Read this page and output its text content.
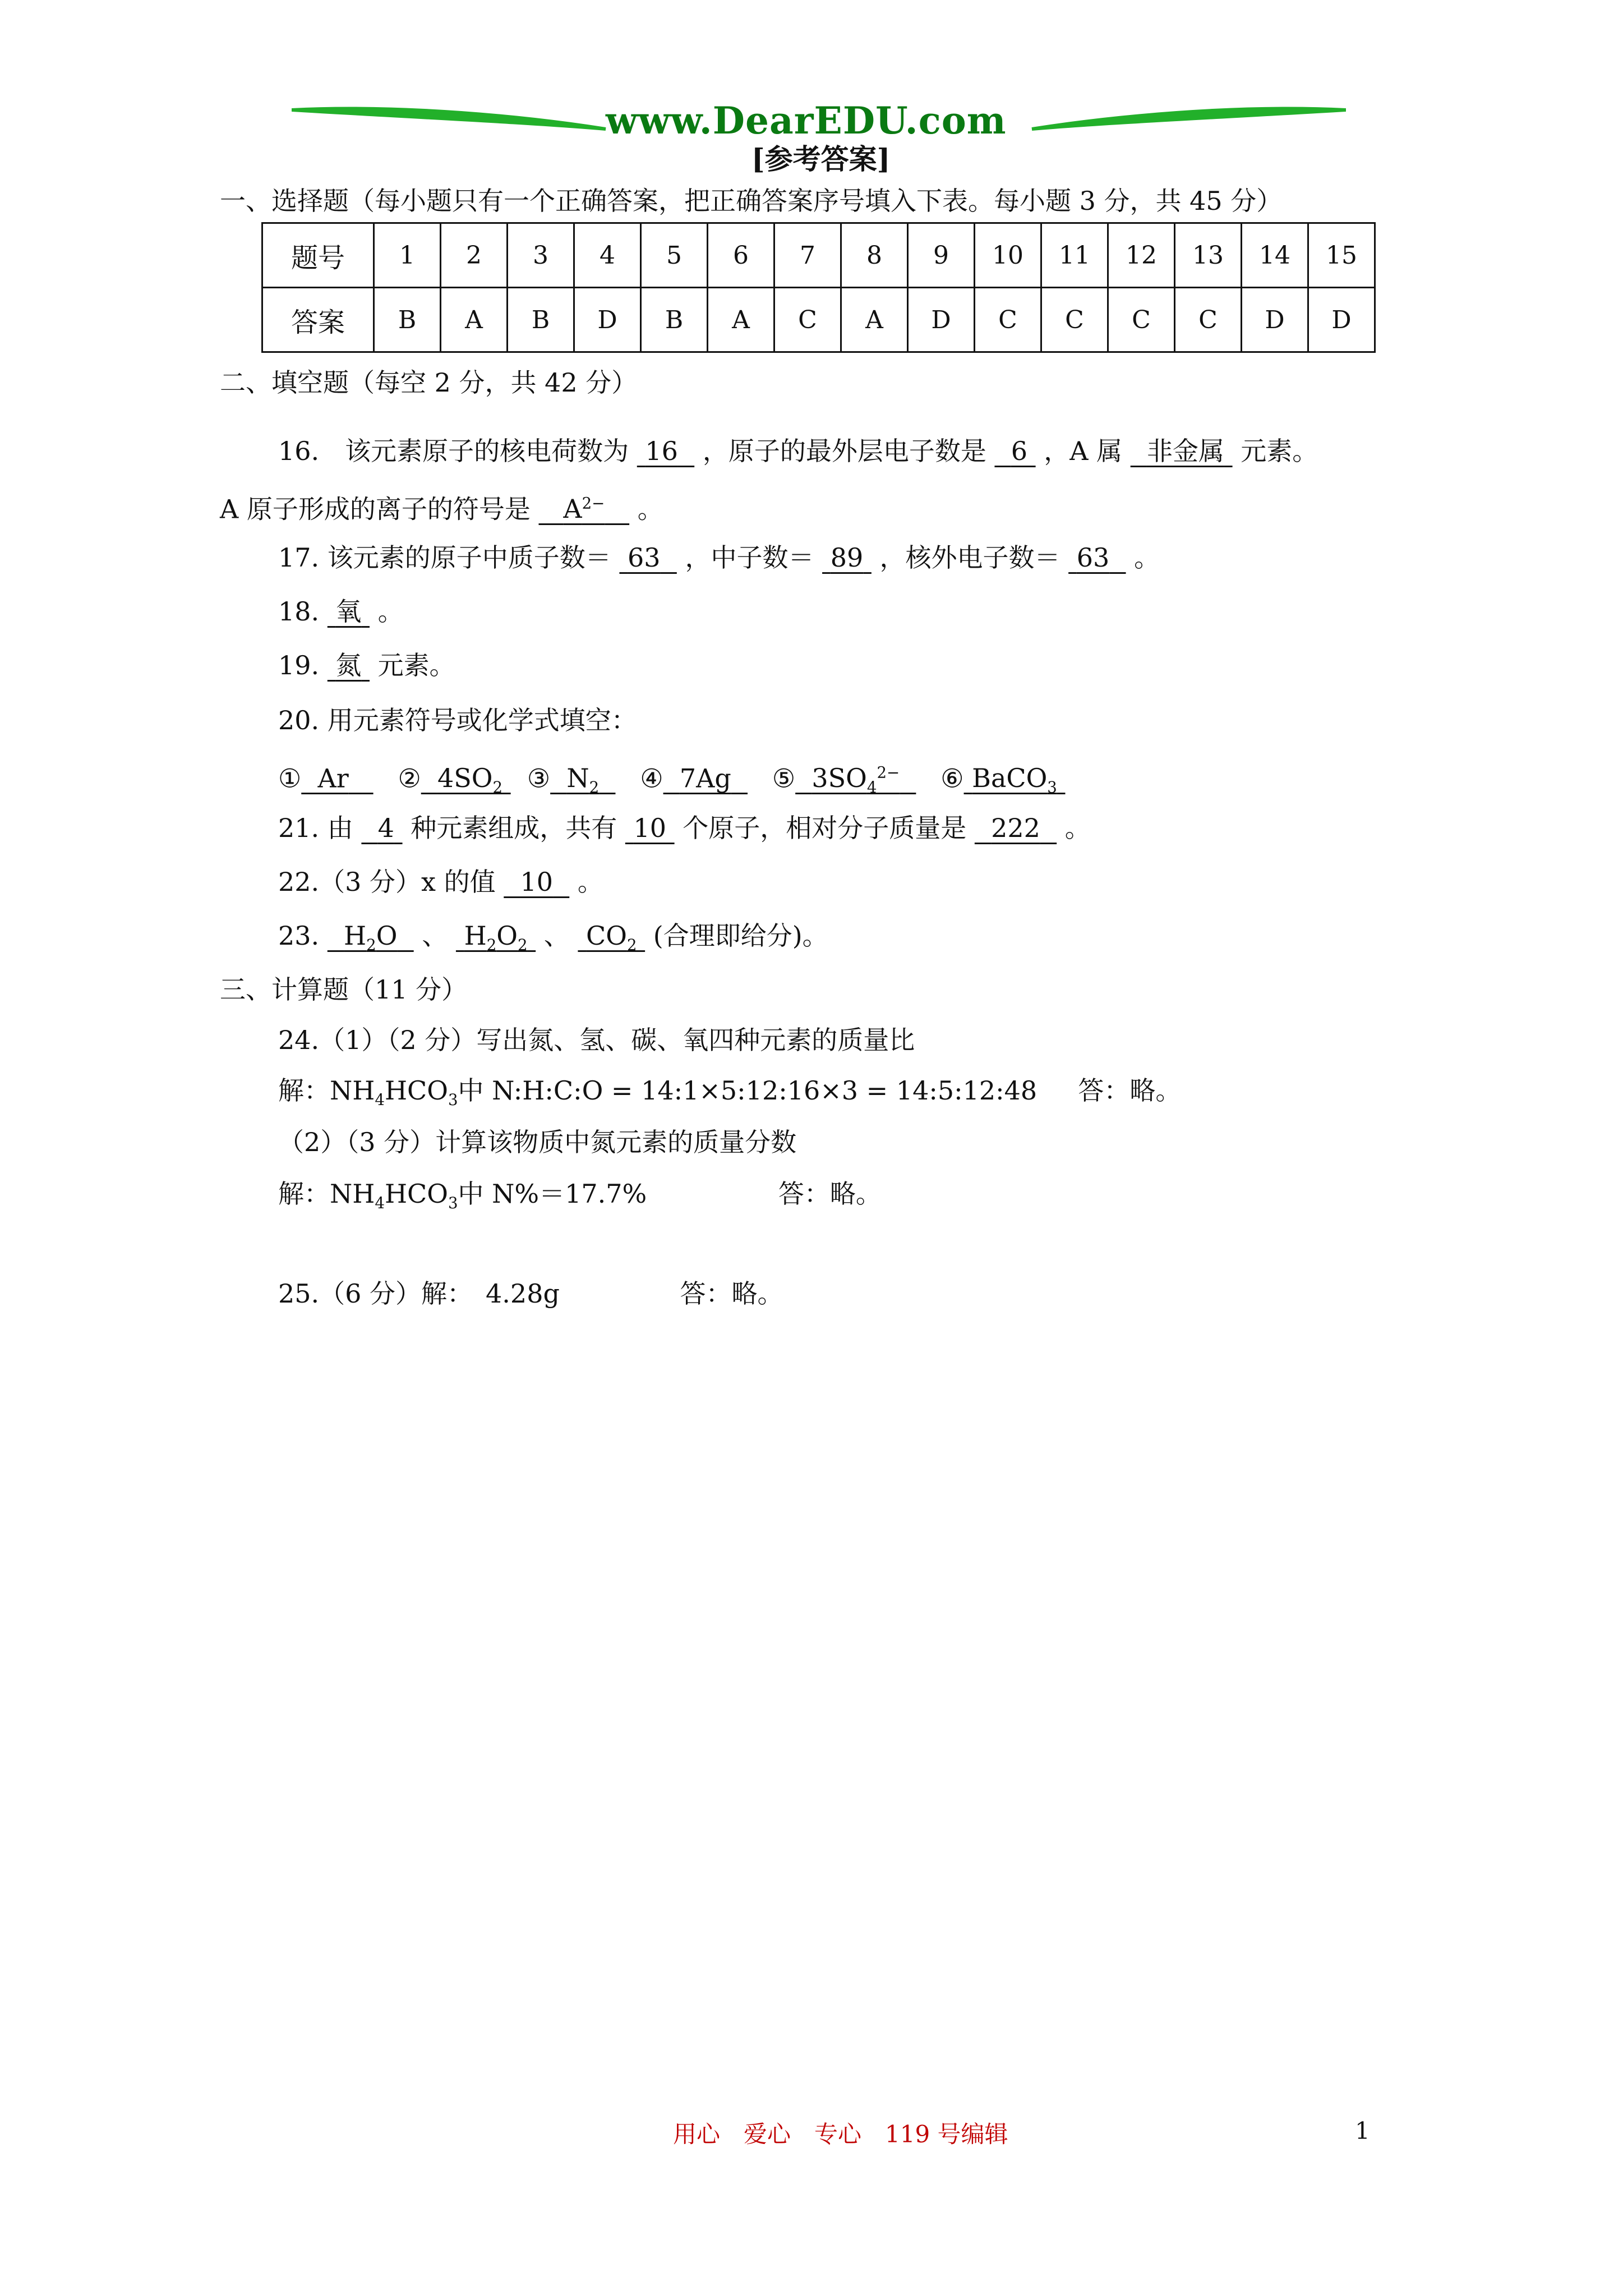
www.DearEDU.com
[参考答案]
一、选择题（每小题只有一个正确答案，把正确答案序号填入下表。每小题 3 分，共 45 分）
题号	1	2	3	4	5	6	7	8	9	10	11	12	13	14	15
答案	B	A	B	D	B	A	C	A	D	C	C	C	C	D	D
二、填空题（每空 2 分，共 42 分）
16.　该元素原子的核电荷数为 16 ，原子的最外层电子数是 6 ，A 属 非金属 元素。
A 原子形成的离子的符号是 $A^{2-}$ 。
17. 该元素的原子中质子数＝ 63 ，中子数＝ 89 ，核外电子数＝ 63 。
18. 氧 。
19. 氮 元素。
20. 用元素符号或化学式填空：
① Ar ② $4SO_2$ ③ $N_2$ ④ 7Ag ⑤ $3SO_4^{2-}$ ⑥ BaCO$_3$
21. 由 4 种元素组成，共有 10 个原子，相对分子质量是 222 。
22.（3 分）x 的值 10 。
23. $H_2O$ 、 $H_2O_2$ 、 $CO_2$ (合理即给分)。
三、计算题（11 分）
24.（1）（2 分）写出氮、氢、碳、氧四种元素的质量比
解：$NH_4HCO_3$中 N:H:C:O = 14:1×5:12:16×3 = 14:5:12:48 答：略。
（2）（3 分）计算该物质中氮元素的质量分数
解：$NH_4HCO_3$中 N%＝17.7%	答：略。
25.（6 分）解：　4.28g	答：略。
用心　爱心　专心　119 号编辑	1
